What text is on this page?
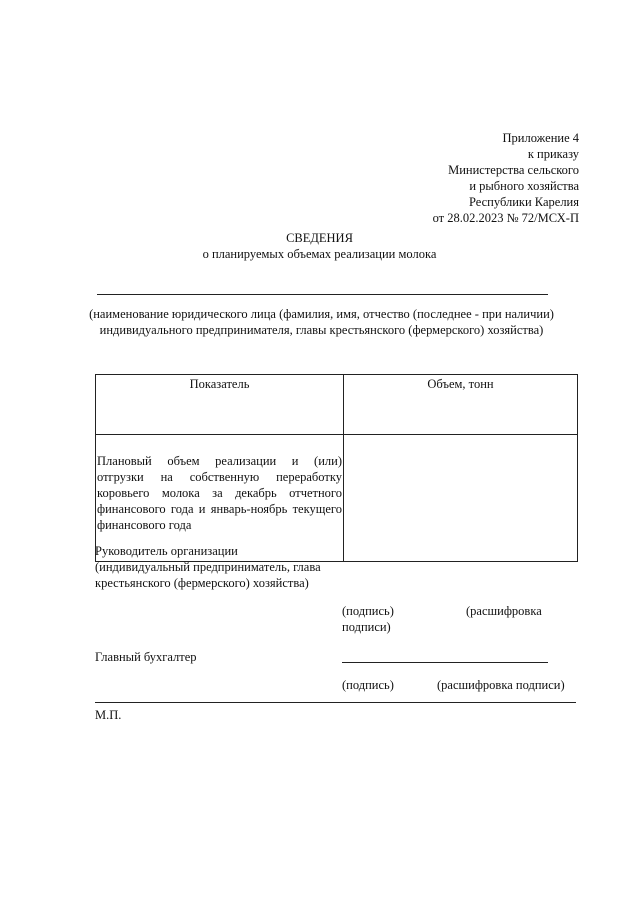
Приложение 4
к приказу
Министерства сельского
и рыбного хозяйства
Республики Карелия
от 28.02.2023 № 72/МСХ-П
СВЕДЕНИЯ
о планируемых объемах реализации молока
(наименование юридического лица (фамилия, имя, отчество (последнее - при наличии)
индивидуального предпринимателя, главы крестьянского (фермерского) хозяйства)
Показатель	Объем, тонн
Плановый объем реализации и (или) отгрузки на собственную переработку коровьего молока за декабрь отчетного финансового года и январь-ноябрь текущего финансового года	
Руководитель организации
(индивидуальный предприниматель, глава
крестьянского (фермерского) хозяйства)
(подпись)
подписи)
(расшифровка
Главный бухгалтер
(подпись)	(расшифровка подписи)
М.П.
